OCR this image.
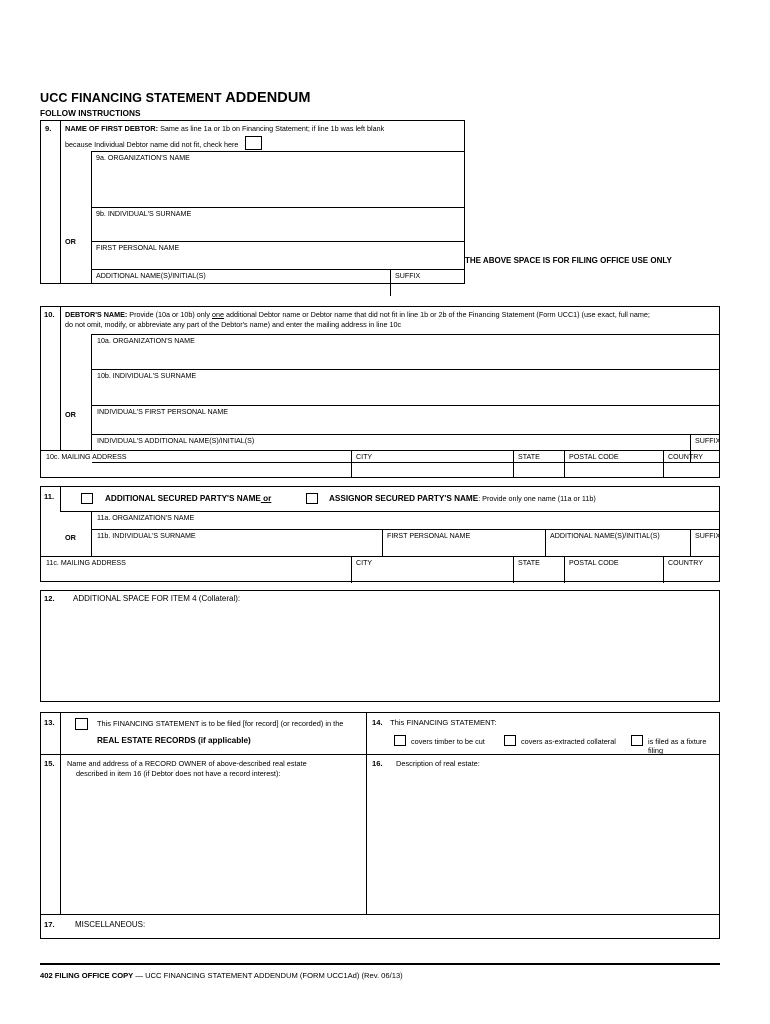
UCC FINANCING STATEMENT ADDENDUM
FOLLOW INSTRUCTIONS
9. NAME OF FIRST DEBTOR: Same as line 1a or 1b on Financing Statement; if line 1b was left blank
because Individual Debtor name did not fit, check here
9a. ORGANIZATION'S NAME
9b. INDIVIDUAL'S SURNAME
FIRST PERSONAL NAME
ADDITIONAL NAME(S)/INITIAL(S)	SUFFIX
OR
THE ABOVE SPACE IS FOR FILING OFFICE USE ONLY
10. DEBTOR'S NAME: Provide (10a or 10b) only one additional Debtor name or Debtor name that did not fit in line 1b or 2b of the Financing Statement (Form UCC1) (use exact, full name;
do not omit, modify, or abbreviate any part of the Debtor's name) and enter the mailing address in line 10c
10a. ORGANIZATION'S NAME
10b. INDIVIDUAL'S SURNAME
INDIVIDUAL'S FIRST PERSONAL NAME
INDIVIDUAL'S ADDITIONAL NAME(S)/INITIAL(S)	SUFFIX
OR
10c. MAILING ADDRESS	CITY	STATE	POSTAL CODE	COUNTRY
11.	ADDITIONAL SECURED PARTY'S NAME or	ASSIGNOR SECURED PARTY'S NAME: Provide only one name (11a or 11b)
11a. ORGANIZATION'S NAME
11b. INDIVIDUAL'S SURNAME	FIRST PERSONAL NAME	ADDITIONAL NAME(S)/INITIAL(S)	SUFFIX
OR
11c. MAILING ADDRESS	CITY	STATE	POSTAL CODE	COUNTRY
12. ADDITIONAL SPACE FOR ITEM 4 (Collateral):
13.	This FINANCING STATEMENT is to be filed [for record] (or recorded) in the
REAL ESTATE RECORDS (if applicable)
14. This FINANCING STATEMENT:
covers timber to be cut	covers as-extracted collateral	is filed as a fixture filing
15. Name and address of a RECORD OWNER of above-described real estate
described in item 16 (if Debtor does not have a record interest):
16. Description of real estate:
17.	MISCELLANEOUS:
402 FILING OFFICE COPY — UCC FINANCING STATEMENT ADDENDUM (FORM UCC1Ad) (Rev. 06/13)
